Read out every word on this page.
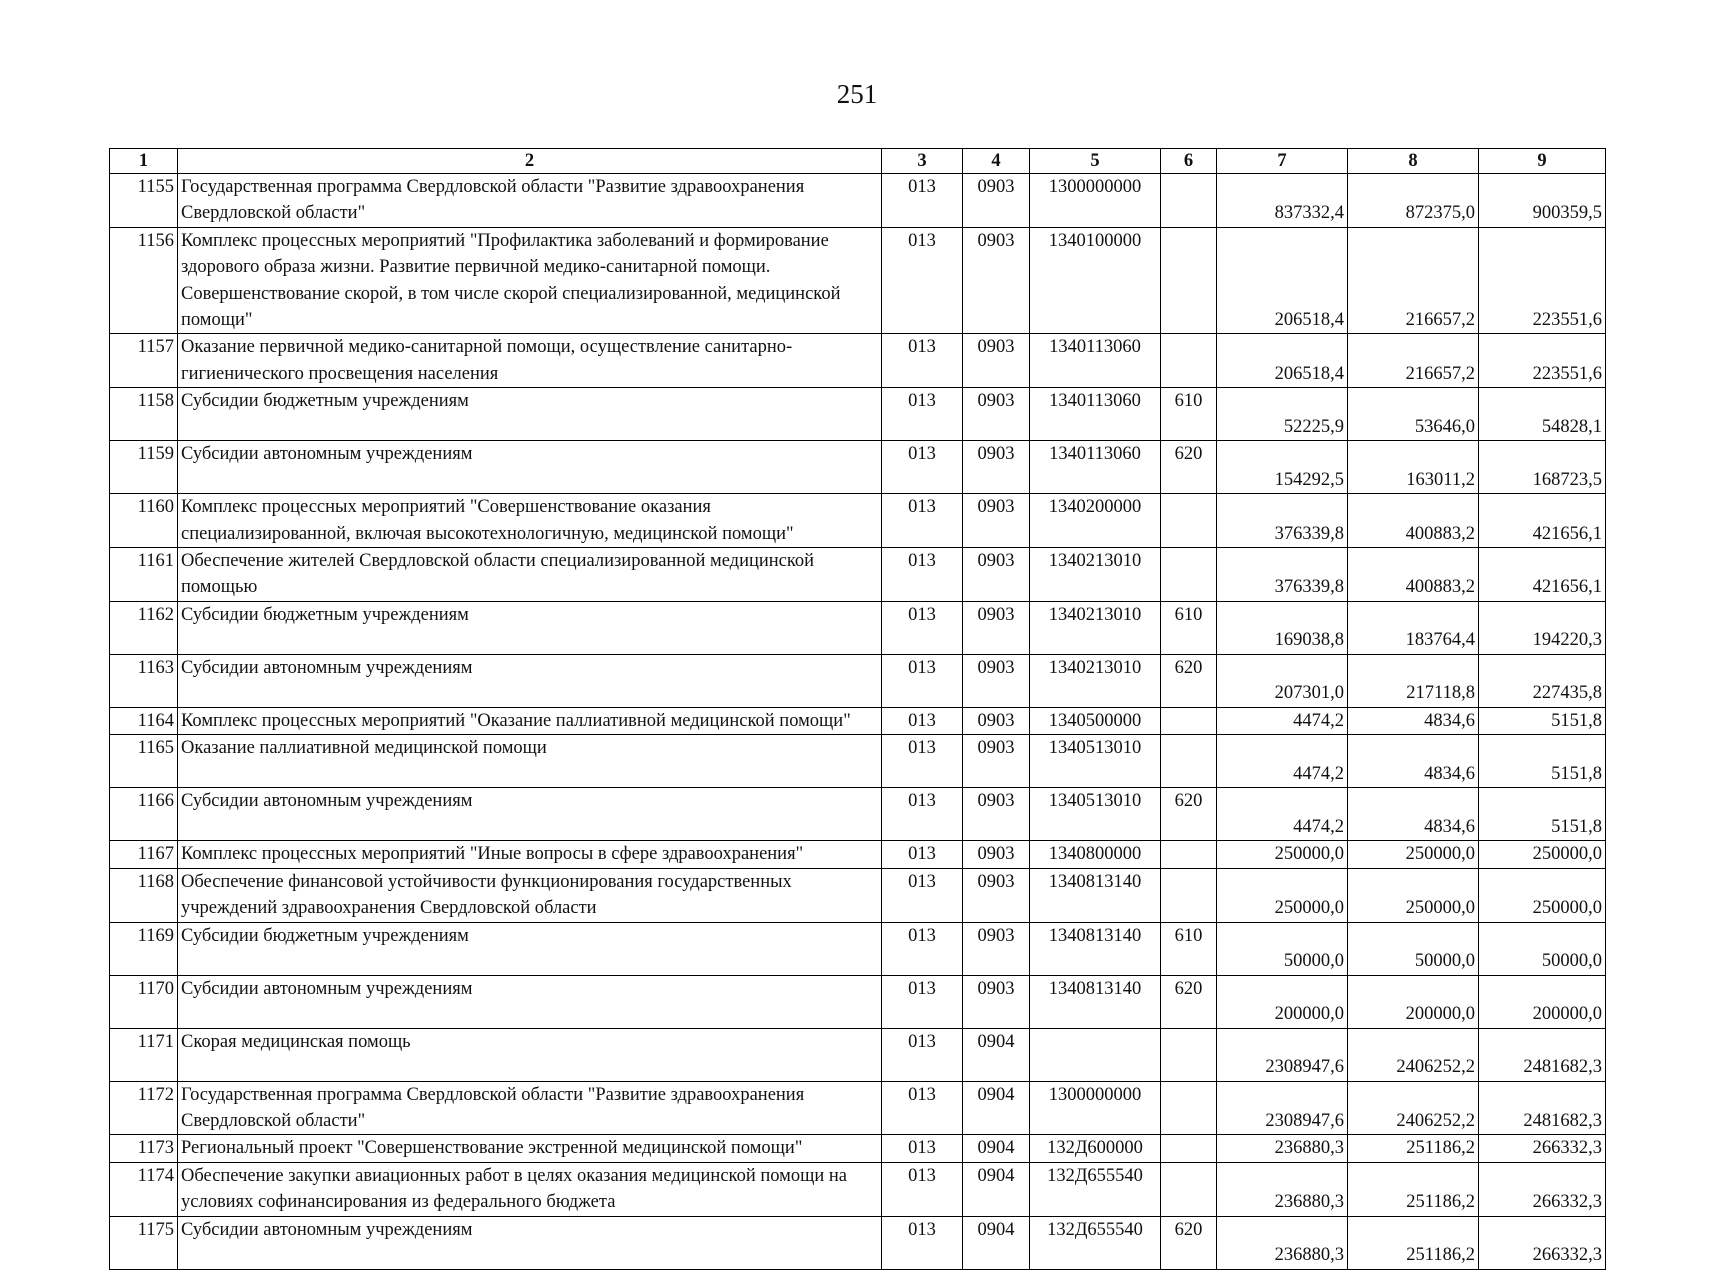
251
1	2	3	4	5	6	7	8	9
1155	Государственная программа Свердловской области "Развитие здравоохранения Свердловской области"	013	0903	1300000000		837332,4	872375,0	900359,5
1156	Комплекс процессных мероприятий "Профилактика заболеваний и формирование здорового образа жизни. Развитие первичной медико-санитарной помощи. Совершенствование скорой, в том числе скорой специализированной, медицинской помощи"	013	0903	1340100000		206518,4	216657,2	223551,6
1157	Оказание первичной медико-санитарной помощи, осуществление санитарно-гигиенического просвещения населения	013	0903	1340113060		206518,4	216657,2	223551,6
1158	Субсидии бюджетным учреждениям	013	0903	1340113060	610	52225,9	53646,0	54828,1
1159	Субсидии автономным учреждениям	013	0903	1340113060	620	154292,5	163011,2	168723,5
1160	Комплекс процессных мероприятий "Совершенствование оказания специализированной, включая высокотехнологичную, медицинской помощи"	013	0903	1340200000		376339,8	400883,2	421656,1
1161	Обеспечение жителей Свердловской области специализированной медицинской помощью	013	0903	1340213010		376339,8	400883,2	421656,1
1162	Субсидии бюджетным учреждениям	013	0903	1340213010	610	169038,8	183764,4	194220,3
1163	Субсидии автономным учреждениям	013	0903	1340213010	620	207301,0	217118,8	227435,8
1164	Комплекс процессных мероприятий "Оказание паллиативной медицинской помощи"	013	0903	1340500000		4474,2	4834,6	5151,8
1165	Оказание паллиативной медицинской помощи	013	0903	1340513010		4474,2	4834,6	5151,8
1166	Субсидии автономным учреждениям	013	0903	1340513010	620	4474,2	4834,6	5151,8
1167	Комплекс процессных мероприятий "Иные вопросы в сфере здравоохранения"	013	0903	1340800000		250000,0	250000,0	250000,0
1168	Обеспечение финансовой устойчивости функционирования государственных учреждений здравоохранения Свердловской области	013	0903	1340813140		250000,0	250000,0	250000,0
1169	Субсидии бюджетным учреждениям	013	0903	1340813140	610	50000,0	50000,0	50000,0
1170	Субсидии автономным учреждениям	013	0903	1340813140	620	200000,0	200000,0	200000,0
1171	Скорая медицинская помощь	013	0904			2308947,6	2406252,2	2481682,3
1172	Государственная программа Свердловской области "Развитие здравоохранения Свердловской области"	013	0904	1300000000		2308947,6	2406252,2	2481682,3
1173	Региональный проект "Совершенствование экстренной медицинской помощи"	013	0904	132Д600000		236880,3	251186,2	266332,3
1174	Обеспечение закупки авиационных работ в целях оказания медицинской помощи на условиях софинансирования из федерального бюджета	013	0904	132Д655540		236880,3	251186,2	266332,3
1175	Субсидии автономным учреждениям	013	0904	132Д655540	620	236880,3	251186,2	266332,3
